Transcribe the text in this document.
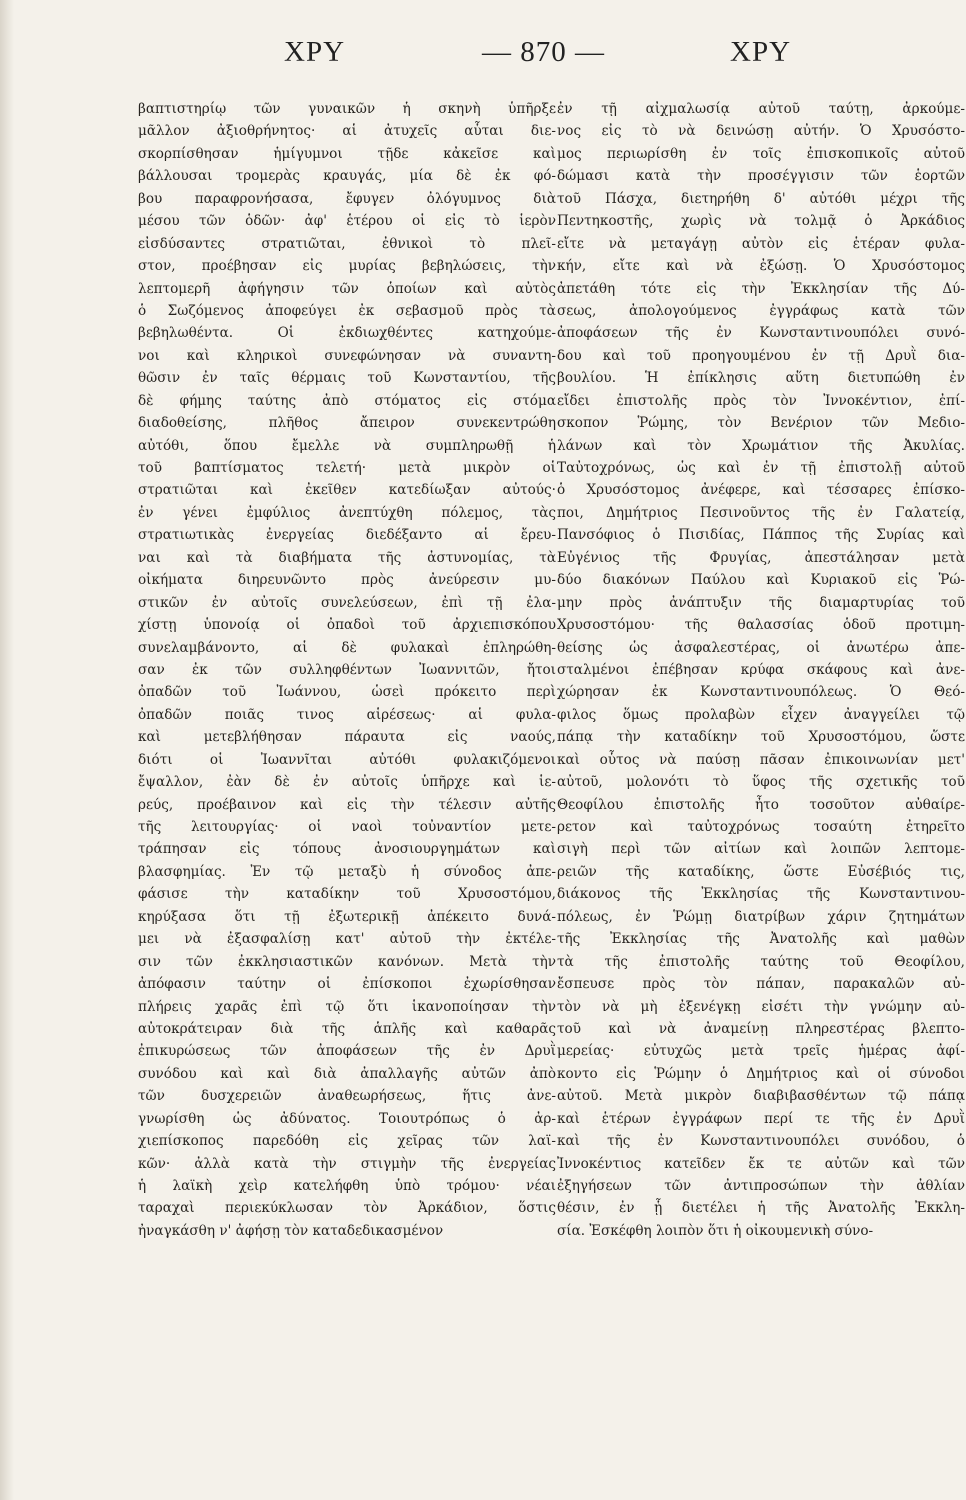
ΧΡΥ	— 870 —	ΧΡΥ
βαπτιστηρίῳ τῶν γυναικῶν ἡ σκηνὴ ὑπῆρξε
μᾶλλον ἀξιοθρήνητος· αἱ ἀτυχεῖς αὗται διε-
σκορπίσθησαν ἡμίγυμνοι τῇδε κἀκεῖσε καὶ
βάλλουσαι τρομερὰς κραυγάς, μία δὲ ἐκ φό-
βου παραφρονήσασα, ἔφυγεν ὀλόγυμνος διὰ
μέσου τῶν ὁδῶν· ἀφ' ἑτέρου οἱ εἰς τὸ ἱερὸν
εἰσδύσαντες στρατιῶται, ἐθνικοὶ τὸ πλεῖ-
στον, προέβησαν εἰς μυρίας βεβηλώσεις, τὴν
λεπτομερῆ ἀφήγησιν τῶν ὁποίων καὶ αὐτὸς
ὁ Σωζόμενος ἀποφεύγει ἐκ σεβασμοῦ πρὸς τὰ
βεβηλωθέντα. Οἱ ἐκδιωχθέντες κατηχούμε-
νοι καὶ κληρικοὶ συνεφώνησαν νὰ συναντη-
θῶσιν ἐν ταῖς θέρμαις τοῦ Κωνσταντίου, τῆς
δὲ φήμης ταύτης ἀπὸ στόματος εἰς στόμα
διαδοθείσης, πλῆθος ἄπειρον συνεκεντρώθη
αὐτόθι, ὅπου ἔμελλε νὰ συμπληρωθῇ ἡ
τοῦ βαπτίσματος τελετή· μετὰ μικρὸν οἱ
στρατιῶται καὶ ἐκεῖθεν κατεδίωξαν αὐτούς·
ἐν γένει ἐμφύλιος ἀνεπτύχθη πόλεμος, τὰς
στρατιωτικὰς ἐνεργείας διεδέξαντο αἱ ἔρευ-
ναι καὶ τὰ διαβήματα τῆς ἀστυνομίας, τὰ
οἰκήματα διηρευνῶντο πρὸς ἀνεύρεσιν μυ-
στικῶν ἐν αὐτοῖς συνελεύσεων, ἐπὶ τῇ ἐλα-
χίστῃ ὑπονοίᾳ οἱ ὀπαδοὶ τοῦ ἀρχιεπισκόπου
συνελαμβάνοντο, αἱ δὲ φυλακαὶ ἐπληρώθη-
σαν ἐκ τῶν συλληφθέντων Ἰωαννιτῶν, ἤτοι
ὀπαδῶν τοῦ Ἰωάννου, ὡσεὶ πρόκειτο περὶ
ὀπαδῶν ποιᾶς τινος αἱρέσεως· αἱ φυλα-
καὶ μετεβλήθησαν πάραυτα εἰς ναούς,
διότι οἱ Ἰωαννῖται αὐτόθι φυλακιζόμενοι
ἔψαλλον, ἐὰν δὲ ἐν αὐτοῖς ὑπῆρχε καὶ ἱε-
ρεύς, προέβαινον καὶ εἰς τὴν τέλεσιν αὐτῆς
τῆς λειτουργίας· οἱ ναοὶ τοὐναντίον μετε-
τράπησαν εἰς τόπους ἀνοσιουργημάτων καὶ
βλασφημίας. Ἐν τῷ μεταξὺ ἡ σύνοδος ἀπε-
φάσισε τὴν καταδίκην τοῦ Χρυσοστόμου,
κηρύξασα ὅτι τῇ ἐξωτερικῇ ἀπέκειτο δυνά-
μει νὰ ἐξασφαλίσῃ κατ' αὐτοῦ τὴν ἐκτέλε-
σιν τῶν ἐκκλησιαστικῶν κανόνων. Μετὰ τὴν
ἀπόφασιν ταύτην οἱ ἐπίσκοποι ἐχωρίσθησαν
πλήρεις χαρᾶς ἐπὶ τῷ ὅτι ἱκανοποίησαν τὴν
αὐτοκράτειραν διὰ τῆς ἁπλῆς καὶ καθαρᾶς
ἐπικυρώσεως τῶν ἀποφάσεων τῆς ἐν Δρυῒ
συνόδου καὶ καὶ διὰ ἀπαλλαγῆς αὐτῶν ἀπὸ
τῶν δυσχερειῶν ἀναθεωρήσεως, ἥτις ἀνε-
γνωρίσθη ὡς ἀδύνατος. Τοιουτρόπως ὁ ἀρ-
χιεπίσκοπος παρεδόθη εἰς χεῖρας τῶν λαϊ-
κῶν· ἀλλὰ κατὰ τὴν στιγμὴν τῆς ἐνεργείας
ἡ λαϊκὴ χεὶρ κατελήφθη ὑπὸ τρόμου· νέαι
ταραχαὶ περιεκύκλωσαν τὸν Ἀρκάδιον, ὅστις
ἠναγκάσθη ν' ἀφήσῃ τὸν καταδεδικασμένον
ἐν τῇ αἰχμαλωσίᾳ αὐτοῦ ταύτῃ, ἀρκούμε-
νος εἰς τὸ νὰ δεινώσῃ αὐτήν. Ὁ Χρυσόστο-
μος περιωρίσθη ἐν τοῖς ἐπισκοπικοῖς αὐτοῦ
δώμασι κατὰ τὴν προσέγγισιν τῶν ἑορτῶν
τοῦ Πάσχα, διετηρήθη δ' αὐτόθι μέχρι τῆς
Πεντηκοστῆς, χωρὶς νὰ τολμᾷ ὁ Ἀρκάδιος
εἴτε νὰ μεταγάγῃ αὐτὸν εἰς ἑτέραν φυλα-
κήν, εἴτε καὶ νὰ ἐξώσῃ. Ὁ Χρυσόστομος
ἀπετάθη τότε εἰς τὴν Ἐκκλησίαν τῆς Δύ-
σεως, ἀπολογούμενος ἐγγράφως κατὰ τῶν
ἀποφάσεων τῆς ἐν Κωνσταντινουπόλει συνό-
δου καὶ τοῦ προηγουμένου ἐν τῇ Δρυῒ δια-
βουλίου. Ἡ ἐπίκλησις αὕτη διετυπώθη ἐν
εἴδει ἐπιστολῆς πρὸς τὸν Ἰννοκέντιον, ἐπί-
σκοπον Ῥώμης, τὸν Βενέριον τῶν Μεδιο-
λάνων καὶ τὸν Χρωμάτιον τῆς Ἀκυλίας.
Ταὐτοχρόνως, ὡς καὶ ἐν τῇ ἐπιστολῇ αὐτοῦ
ὁ Χρυσόστομος ἀνέφερε, καὶ τέσσαρες ἐπίσκο-
ποι, Δημήτριος Πεσινοῦντος τῆς ἐν Γαλατείᾳ,
Πανσόφιος ὁ Πισιδίας, Πάππος τῆς Συρίας καὶ
Εὐγένιος τῆς Φρυγίας, ἀπεστάλησαν μετὰ
δύο διακόνων Παύλου καὶ Κυριακοῦ εἰς Ῥώ-
μην πρὸς ἀνάπτυξιν τῆς διαμαρτυρίας τοῦ
Χρυσοστόμου· τῆς θαλασσίας ὁδοῦ προτιμη-
θείσης ὡς ἀσφαλεστέρας, οἱ ἀνωτέρω ἀπε-
σταλμένοι ἐπέβησαν κρύφα σκάφους καὶ ἀνε-
χώρησαν ἐκ Κωνσταντινουπόλεως. Ὁ Θεό-
φιλος ὅμως προλαβὼν εἶχεν ἀναγγείλει τῷ
πάπᾳ τὴν καταδίκην τοῦ Χρυσοστόμου, ὥστε
καὶ οὗτος νὰ παύσῃ πᾶσαν ἐπικοινωνίαν μετ'
αὐτοῦ, μολονότι τὸ ὕφος τῆς σχετικῆς τοῦ
Θεοφίλου ἐπιστολῆς ἦτο τοσοῦτον αὐθαίρε-
ρετον καὶ ταὐτοχρόνως τοσαύτη ἐτηρεῖτο
σιγὴ περὶ τῶν αἰτίων καὶ λοιπῶν λεπτομε-
ρειῶν τῆς καταδίκης, ὥστε Εὐσέβιός τις,
διάκονος τῆς Ἐκκλησίας τῆς Κωνσταντινου-
πόλεως, ἐν Ῥώμῃ διατρίβων χάριν ζητημάτων
τῆς Ἐκκλησίας τῆς Ἀνατολῆς καὶ μαθὼν
τὰ τῆς ἐπιστολῆς ταύτης τοῦ Θεοφίλου,
ἔσπευσε πρὸς τὸν πάπαν, παρακαλῶν αὐ-
τὸν νὰ μὴ ἐξενέγκῃ εἰσέτι τὴν γνώμην αὐ-
τοῦ καὶ νὰ ἀναμείνῃ πληρεστέρας βλεπτο-
μερείας· εὐτυχῶς μετὰ τρεῖς ἡμέρας ἀφί-
κοντο εἰς Ῥώμην ὁ Δημήτριος καὶ οἱ σύνοδοι
αὐτοῦ. Μετὰ μικρὸν διαβιβασθέντων τῷ πάπᾳ
καὶ ἑτέρων ἐγγράφων περί τε τῆς ἐν Δρυῒ
καὶ τῆς ἐν Κωνσταντινουπόλει συνόδου, ὁ
Ἰννοκέντιος κατεῖδεν ἔκ τε αὐτῶν καὶ τῶν
ἐξηγήσεων τῶν ἀντιπροσώπων τὴν ἀθλίαν
θέσιν, ἐν ᾗ διετέλει ἡ τῆς Ἀνατολῆς Ἐκκλη-
σία. Ἐσκέφθη λοιπὸν ὅτι ἡ οἰκουμενικὴ σύνο-
